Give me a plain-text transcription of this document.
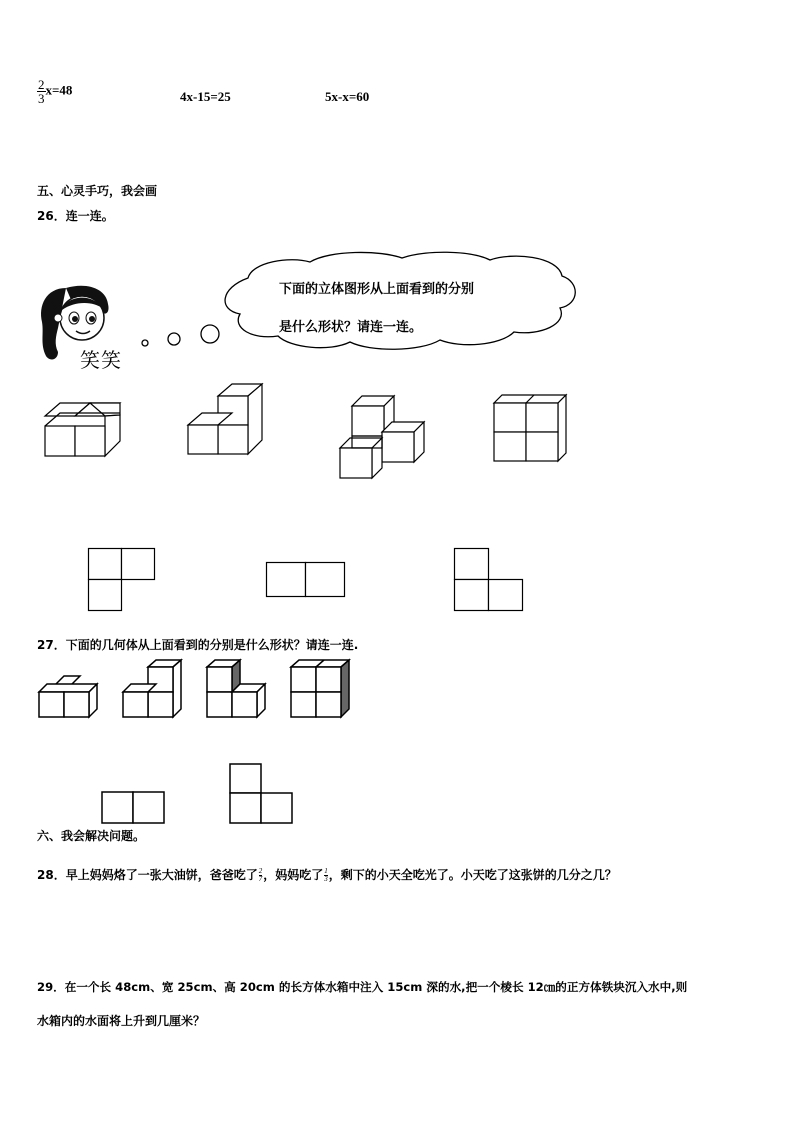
$\frac{2}{3} x=48$	4x-15=25	5x-x=60
五、心灵手巧，我会画
26．连一连。
笑笑
下面的立体图形从上面看到的分别
是什么形状？请连一连。
27．下面的几何体从上面看到的分别是什么形状？请连一连.
六、我会解决问题。
28．早上妈妈烙了一张大油饼，爸爸吃了 $\frac{2}{7}$ ，妈妈吃了 $\frac{1}{3}$ ，剩下的小天全吃光了。小天吃了这张饼的几分之几？
29．在一个长 48cm、宽 25cm、高 20cm 的长方体水箱中注入 15cm 深的水,把一个棱长 12㎝的正方体铁块沉入水中,则
水箱内的水面将上升到几厘米？
